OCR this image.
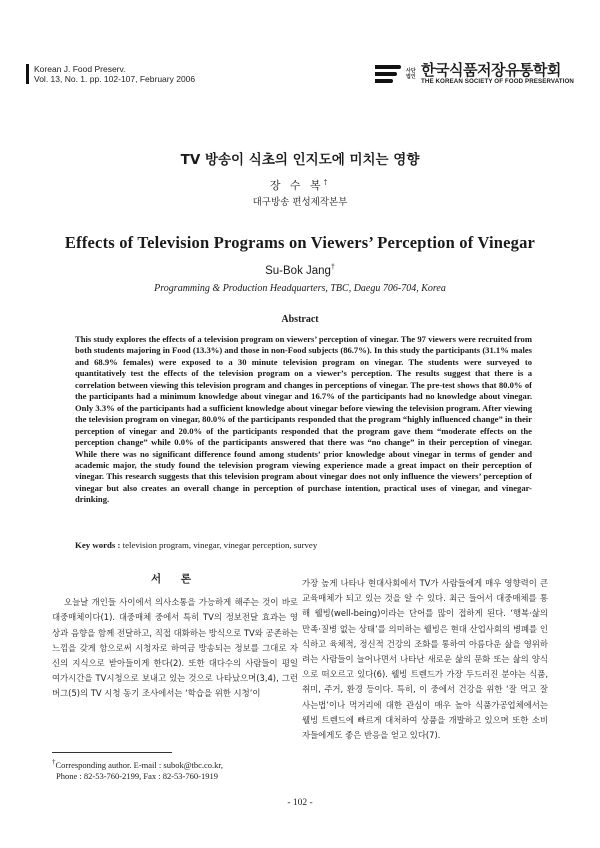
Korean J. Food Preserv.
Vol. 13, No. 1. pp. 102-107, February 2006
사단법인 한국식품저장유통학회
THE KOREAN SOCIETY OF FOOD PRESERVATION
TV 방송이 식초의 인지도에 미치는 영향
장 수 복†
대구방송 편성제작본부
Effects of Television Programs on Viewers’ Perception of Vinegar
Su-Bok Jang†
Programming & Production Headquarters, TBC, Daegu 706-704, Korea
Abstract

This study explores the effects of a television program on viewers’ perception of vinegar. The 97 viewers were recruited from both students majoring in Food (13.3%) and those in non-Food subjects (86.7%). In this study the participants (31.1% males and 68.9% females) were exposed to a 30 minute television program on vinegar. The students were surveyed to quantitatively test the effects of the television program on a viewer’s perception. The results suggest that there is a correlation between viewing this television program and changes in perceptions of vinegar. The pre-test shows that 80.0% of the participants had a minimum knowledge about vinegar and 16.7% of the participants had no knowledge about vinegar. Only 3.3% of the participants had a sufficient knowledge about vinegar before viewing the television program. After viewing the television program on vinegar, 80.0% of the participants responded that the program “highly influenced change” in their perception of vinegar and 20.0% of the participants responded that the program gave them “moderate effects on the perception change” while 0.0% of the participants answered that there was “no change” in their perception of vinegar. While there was no significant difference found among students’ prior knowledge about vinegar in terms of gender and academic major, the study found the television program viewing experience made a great impact on their perception of vinegar. This research suggests that this television program about vinegar does not only influence the viewers’ perception of vinegar but also creates an overall change in perception of purchase intention, practical uses of vinegar, and vinegar-drinking.

Key words : television program, vinegar, vinegar perception, survey

서 론

오늘날 개인들 사이에서 의사소통을 가능하게 해주는 것이 바로 대중매체이다(1). 대중매체 중에서 특히 TV의 정보전달 효과는 영상과 음향을 함께 전달하고, 직접 대화하는 방식으로 TV와 공존하는 느낌을 갖게 함으로써 시청자로 하여금 방송되는 정보를 그대로 자신의 지식으로 받아들이게 한다(2). 또한 대다수의 사람들이 평일 여가시간을 TV시청으로 보내고 있는 것으로 나타났으며(3,4), 그런버그(5)의 TV 시청 동기 조사에서는 ‘학습을 위한 시청’이

가장 높게 나타나 현대사회에서 TV가 사람들에게 매우 영향력이 큰 교육매체가 되고 있는 것을 알 수 있다. 최근 들어서 대중매체를 통해 웰빙(well-being)이라는 단어를 많이 접하게 된다. ‘행복·삶의 만족·질병 없는 상태’를 의미하는 웰빙은 현대 산업사회의 병폐를 인식하고 육체적, 정신적 건강의 조화를 통하여 아름다운 삶을 영위하려는 사람들이 늘어나면서 나타난 새로운 삶의 문화 또는 삶의 양식으로 떠오르고 있다(6). 웰빙 트렌드가 가장 두드러진 분야는 식품, 취미, 주거, 환경 등이다. 특히, 이 중에서 건강을 위한 ‘잘 먹고 잘 사는법’이나 먹거리에 대한 관심이 매우 높아 식품가공업체에서는 웰빙 트렌드에 빠르게 대처하여 상품을 개발하고 있으며 또한 소비자들에게도 좋은 반응을 얻고 있다(7).

†Corresponding author. E-mail : subok@tbc.co.kr,
Phone : 82-53-760-2199, Fax : 82-53-760-1919
- 102 -
